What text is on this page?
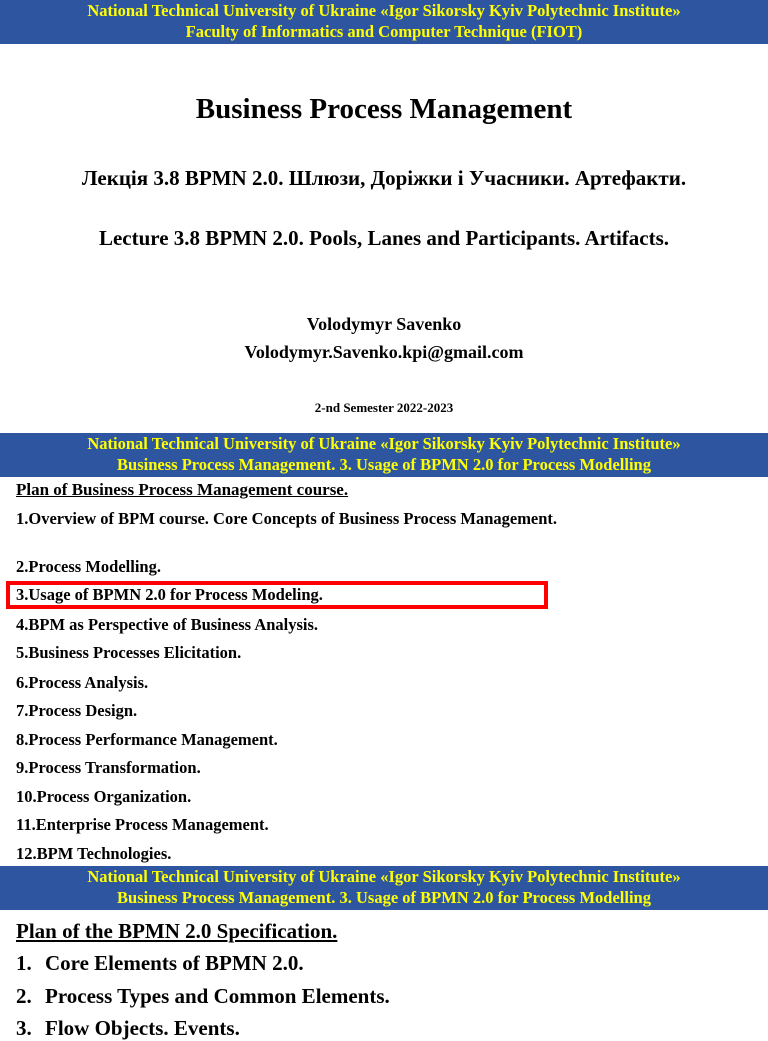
National Technical University of Ukraine «Igor Sikorsky Kyiv Polytechnic Institute»
Faculty of Informatics and Computer Technique (FIOT)
Business Process Management
Лекція 3.8 BPMN 2.0. Шлюзи, Доріжки і Учасники. Артефакти.
Lecture 3.8 BPMN 2.0. Pools, Lanes and Participants. Artifacts.
Volodymyr Savenko
Volodymyr.Savenko.kpi@gmail.com
2-nd Semester 2022-2023
National Technical University of Ukraine «Igor Sikorsky Kyiv Polytechnic Institute»
Business Process Management. 3. Usage of BPMN 2.0 for Process Modelling
Plan of Business Process Management course.
1.Overview of BPM course. Core Concepts of Business Process Management.
2.Process Modelling.
3.Usage of BPMN 2.0 for Process Modeling.
4.BPM as Perspective of Business Analysis.
5.Business Processes Elicitation.
6.Process Analysis.
7.Process Design.
8.Process Performance Management.
9.Process Transformation.
10.Process Organization.
11.Enterprise Process Management.
12.BPM Technologies.
National Technical University of Ukraine «Igor Sikorsky Kyiv Polytechnic Institute»
Business Process Management. 3. Usage of BPMN 2.0 for Process Modelling
Plan of the BPMN 2.0 Specification.
1. Core Elements of BPMN 2.0.
2. Process Types and Common Elements.
3. Flow Objects. Events.
